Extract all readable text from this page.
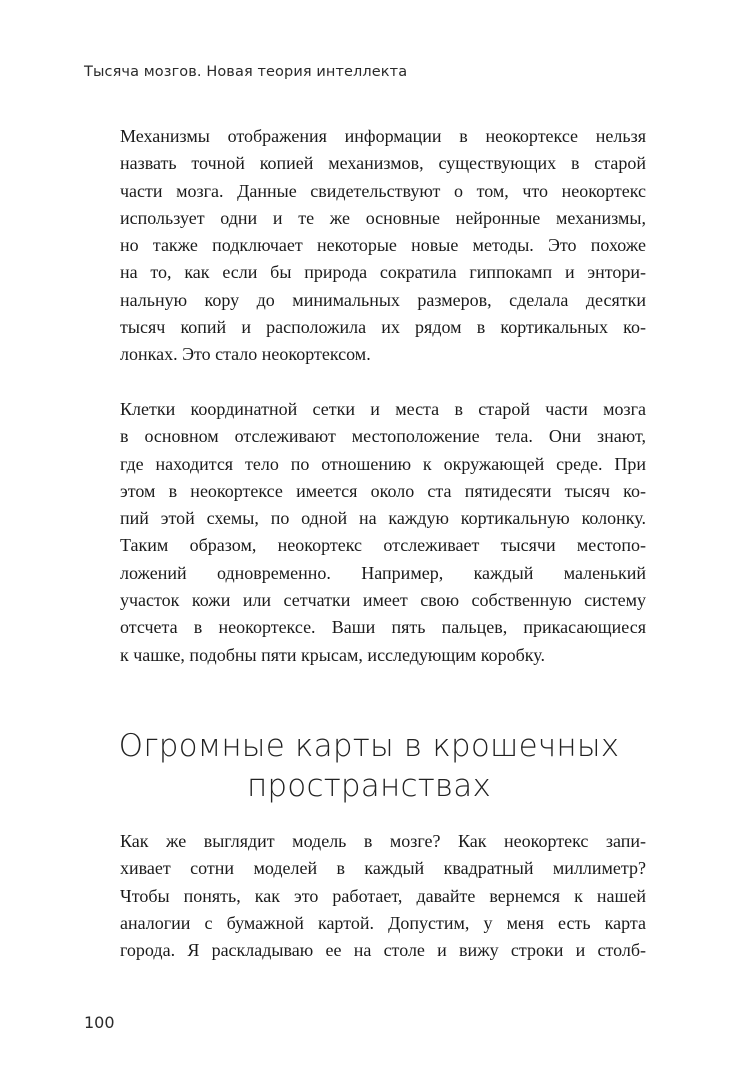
Тысяча мозгов. Новая теория интеллекта
Механизмы отображения информации в неокортексе нельзя
назвать точной копией механизмов, существующих в старой
части мозга. Данные свидетельствуют о том, что неокортекс
использует одни и те же основные нейронные механизмы,
но также подключает некоторые новые методы. Это похоже
на то, как если бы природа сократила гиппокамп и энтори-
нальную кору до минимальных размеров, сделала десятки
тысяч копий и расположила их рядом в кортикальных ко-
лонках. Это стало неокортексом.
Клетки координатной сетки и места в старой части мозга
в основном отслеживают местоположение тела. Они знают,
где находится тело по отношению к окружающей среде. При
этом в неокортексе имеется около ста пятидесяти тысяч ко-
пий этой схемы, по одной на каждую кортикальную колонку.
Таким образом, неокортекс отслеживает тысячи местопо-
ложений одновременно. Например, каждый маленький
участок кожи или сетчатки имеет свою собственную систему
отсчета в неокортексе. Ваши пять пальцев, прикасающиеся
к чашке, подобны пяти крысам, исследующим коробку.
Огромные карты в крошечных
пространствах
Как же выглядит модель в мозге? Как неокортекс запи-
хивает сотни моделей в каждый квадратный миллиметр?
Чтобы понять, как это работает, давайте вернемся к нашей
аналогии с бумажной картой. Допустим, у меня есть карта
города. Я раскладываю ее на столе и вижу строки и столб-
100
